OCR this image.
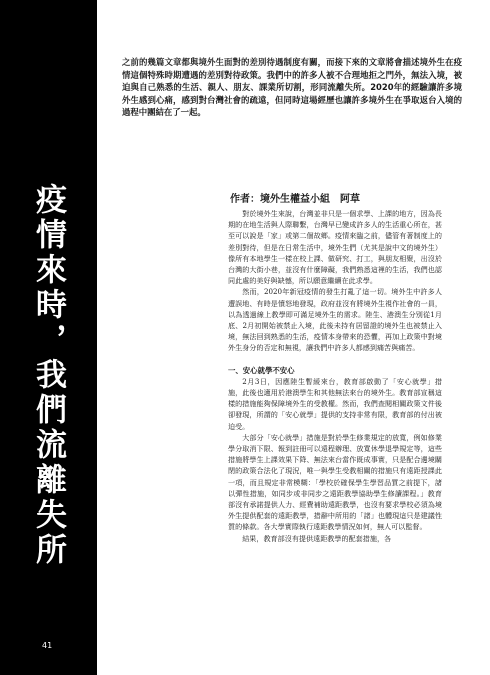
疫情來時，我們流離失所
41

之前的幾篇文章都與境外生面對的差別待遇制度有關，而接下來的文章將會描述境外生在疫情這個特殊時期遭遇的差別對待政策。我們中的許多人被不合理地拒之門外，無法入境，被迫與自己熟悉的生活、親人、朋友、課業所切割，形同流離失所。2020年的經驗讓許多境外生感到心痛，感到對台灣社會的疏遠，但同時這場經歷也讓許多境外生在爭取返台入境的過程中團結在了一起。

作者：境外生權益小組　阿草

對於境外生來說，台灣並非只是一個求學、上課的地方，因為長期的在地生活與人際聯繫，台灣早已變成許多人的生活重心所在，甚至可以說是「家」或第二個故鄉。疫情來臨之前，儘管有著制度上的差別對待，但是在日常生活中，境外生們（尤其是說中文的境外生）像所有本地學生一樣在校上課、做研究、打工，與朋友相聚，出沒於台灣的大街小巷，並沒有什麼障礙，我們熟悉這裡的生活，我們也認同此處的美好與缺憾，所以願意繼續在此求學。

然而，2020年新冠疫情的發生打亂了這一切。境外生中許多人遭誤地、有時是憤怒地發現，政府並沒有將境外生視作社會的一員，以為透過線上教學即可滿足境外生的需求。陸生、港澳生分別從1月底、2月初開始被禁止入境，此後未持有居留證的境外生也被禁止入境，無法回到熟悉的生活，疫情本身帶來的恐懼，再加上政策中對境外生身分的否定和無視，讓我們中許多人都感到痛苦與痛苦。

一、安心就學不安心

2月3日，因應陸生暫緩來台，教育部啟動了「安心就學」措施，此後也適用於港澳學生和其他無法來台的境外生。教育部宣稱這樣的措施能夠保障境外生的受教權。然而，我們查閱相關政策文件後卻發現，所謂的「安心就學」提供的支持非常有限，教育部的付出被迫受。

大部分「安心就學」措施是對於學生修業規定的放寬，例如修業學分取消下限、報到註冊可以遠程辦理、放寬休學退學規定等，這些措施將學生上課效果下降、無法來台當作既成事實，只是配合邊境關閉的政策合法化了現況，唯一與學生受教相關的措施只有遠距授課此一項，而且規定非常模糊：「學校於確保學生學習品質之前提下，諸以彈性措施，如同步或非同步之遠距教學協助學生修讀課程。」教育部沒有承諾提供人力、經費補助遠距教學，也沒有要求學校必須為境外生提供配套的遠距教學，措辭中所用的「諸」也體現這只是建議性質的條款。各大學實際執行遠距教學情況如何，無人可以監督。

結果，教育部沒有提供遠距教學的配套措施，各
